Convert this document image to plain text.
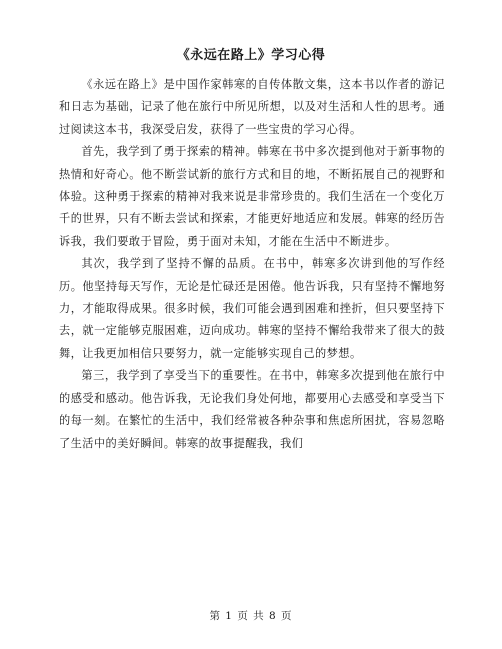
《永远在路上》学习心得

《永远在路上》是中国作家韩寒的自传体散文集，这本书以作者的游记和日志为基础，记录了他在旅行中所见所想，以及对生活和人性的思考。通过阅读这本书，我深受启发，获得了一些宝贵的学习心得。

首先，我学到了勇于探索的精神。韩寒在书中多次提到他对于新事物的热情和好奇心。他不断尝试新的旅行方式和目的地，不断拓展自己的视野和体验。这种勇于探索的精神对我来说是非常珍贵的。我们生活在一个变化万千的世界，只有不断去尝试和探索，才能更好地适应和发展。韩寒的经历告诉我，我们要敢于冒险，勇于面对未知，才能在生活中不断进步。

其次，我学到了坚持不懈的品质。在书中，韩寒多次讲到他的写作经历。他坚持每天写作，无论是忙碌还是困倦。他告诉我，只有坚持不懈地努力，才能取得成果。很多时候，我们可能会遇到困难和挫折，但只要坚持下去，就一定能够克服困难，迈向成功。韩寒的坚持不懈给我带来了很大的鼓舞，让我更加相信只要努力，就一定能够实现自己的梦想。

第三，我学到了享受当下的重要性。在书中，韩寒多次提到他在旅行中的感受和感动。他告诉我，无论我们身处何地，都要用心去感受和享受当下的每一刻。在繁忙的生活中，我们经常被各种杂事和焦虑所困扰，容易忽略了生活中的美好瞬间。韩寒的故事提醒我，我们

第 1 页 共 8 页
